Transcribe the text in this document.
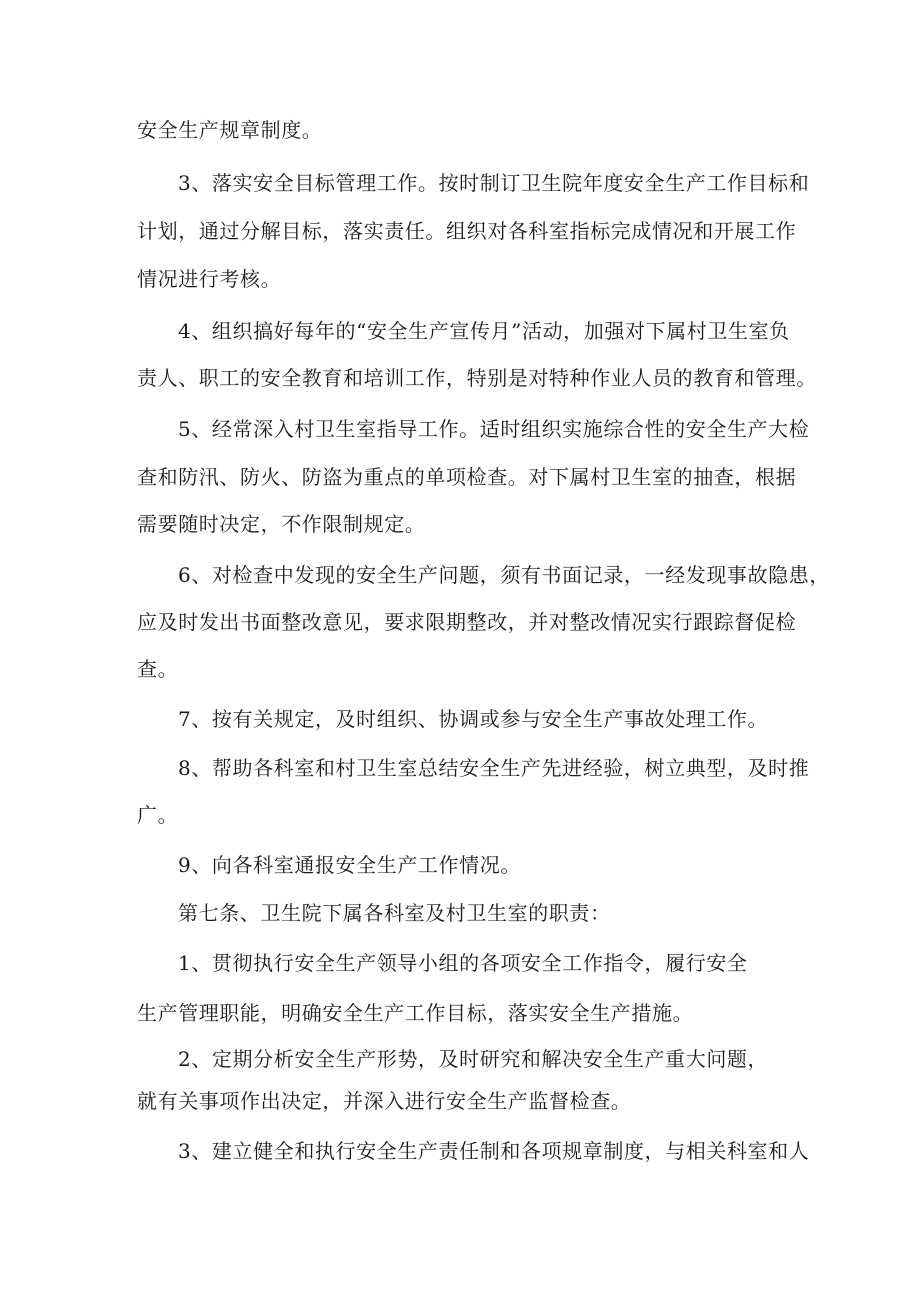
安全生产规章制度。
3、落实安全目标管理工作。按时制订卫生院年度安全生产工作目标和
计划，通过分解目标，落实责任。组织对各科室指标完成情况和开展工作
情况进行考核。
4、组织搞好每年的“安全生产宣传月”活动，加强对下属村卫生室负
责人、职工的安全教育和培训工作，特别是对特种作业人员的教育和管理。
5、经常深入村卫生室指导工作。适时组织实施综合性的安全生产大检
查和防汛、防火、防盗为重点的单项检查。对下属村卫生室的抽查，根据
需要随时决定，不作限制规定。
6、对检查中发现的安全生产问题，须有书面记录，一经发现事故隐患，
应及时发出书面整改意见，要求限期整改，并对整改情况实行跟踪督促检
查。
7、按有关规定，及时组织、协调或参与安全生产事故处理工作。
8、帮助各科室和村卫生室总结安全生产先进经验，树立典型，及时推
广。
9、向各科室通报安全生产工作情况。
第七条、卫生院下属各科室及村卫生室的职责：
1、贯彻执行安全生产领导小组的各项安全工作指令，履行安全
生产管理职能，明确安全生产工作目标，落实安全生产措施。
2、定期分析安全生产形势，及时研究和解决安全生产重大问题，
就有关事项作出决定，并深入进行安全生产监督检查。
3、建立健全和执行安全生产责任制和各项规章制度，与相关科室和人
